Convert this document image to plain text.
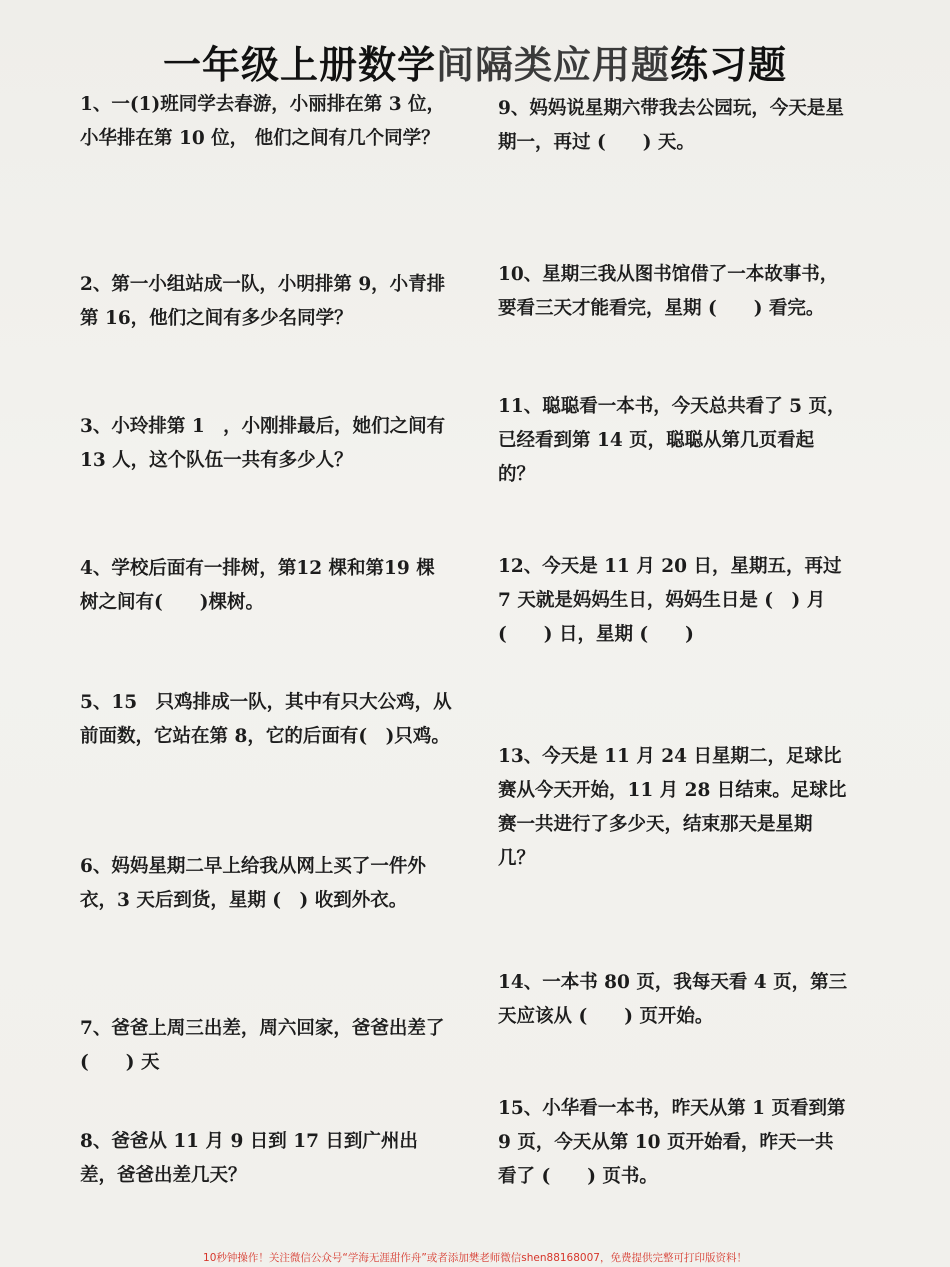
一年级上册数学间隔类应用题练习题

1、一(1)班同学去春游，小丽排在第 3 位，小华排在第 10 位， 他们之间有几个同学？

2、第一小组站成一队，小明排第 9，小青排第 16，他们之间有多少名同学？

3、小玲排第 1　，小刚排最后，她们之间有 13 人，这个队伍一共有多少人？

4、学校后面有一排树，第12 棵和第19 棵树之间有(　　)棵树。

5、15　只鸡排成一队，其中有只大公鸡，从前面数，它站在第 8，它的后面有(　)只鸡。

6、妈妈星期二早上给我从网上买了一件外衣，3 天后到货，星期 (　) 收到外衣。

7、爸爸上周三出差，周六回家，爸爸出差了 (　　) 天

8、爸爸从 11 月 9 日到 17 日到广州出差，爸爸出差几天？

9、妈妈说星期六带我去公园玩，今天是星期一，再过 (　　) 天。

10、星期三我从图书馆借了一本故事书，要看三天才能看完，星期 (　　) 看完。

11、聪聪看一本书，今天总共看了 5 页，已经看到第 14 页，聪聪从第几页看起的？

12、今天是 11 月 20 日，星期五，再过 7 天就是妈妈生日，妈妈生日是 (　) 月 (　　) 日，星期 (　　)

13、今天是 11 月 24 日星期二，足球比赛从今天开始，11 月 28 日结束。足球比赛一共进行了多少天，结束那天是星期几？

14、一本书 80 页，我每天看 4 页，第三天应该从 (　　) 页开始。

15、小华看一本书，昨天从第 1 页看到第 9 页，今天从第 10 页开始看，昨天一共看了 (　　) 页书。

10秒钟操作！关注微信公众号“学海无涯甜作舟”或者添加樊老师微信shen88168007，免费提供完整可打印版资料！
